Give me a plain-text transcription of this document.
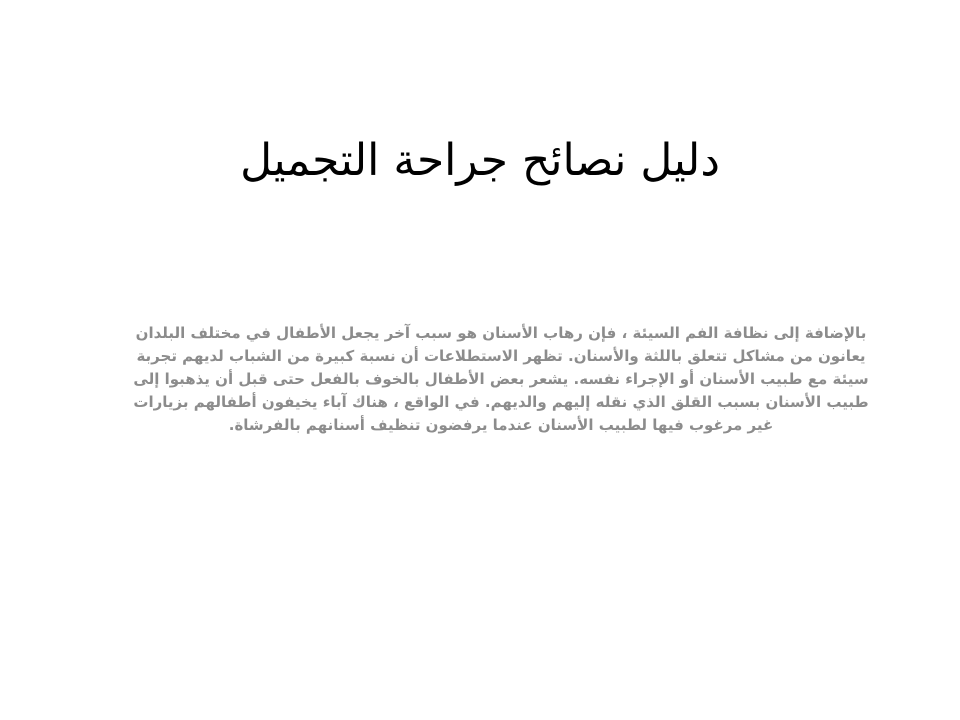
دليل نصائح جراحة التجميل

بالإضافة إلى نظافة الفم السيئة ، فإن رهاب الأسنان هو سبب آخر يجعل الأطفال في مختلف البلدان يعانون من مشاكل تتعلق باللثة والأسنان. تظهر الاستطلاعات أن نسبة كبيرة من الشباب لديهم تجربة سيئة مع طبيب الأسنان أو الإجراء نفسه. يشعر بعض الأطفال بالخوف بالفعل حتى قبل أن يذهبوا إلى طبيب الأسنان بسبب القلق الذي نقله إليهم والديهم. في الواقع ، هناك آباء يخيفون أطفالهم بزيارات غير مرغوب فيها لطبيب الأسنان عندما يرفضون تنظيف أسنانهم بالفرشاة.
